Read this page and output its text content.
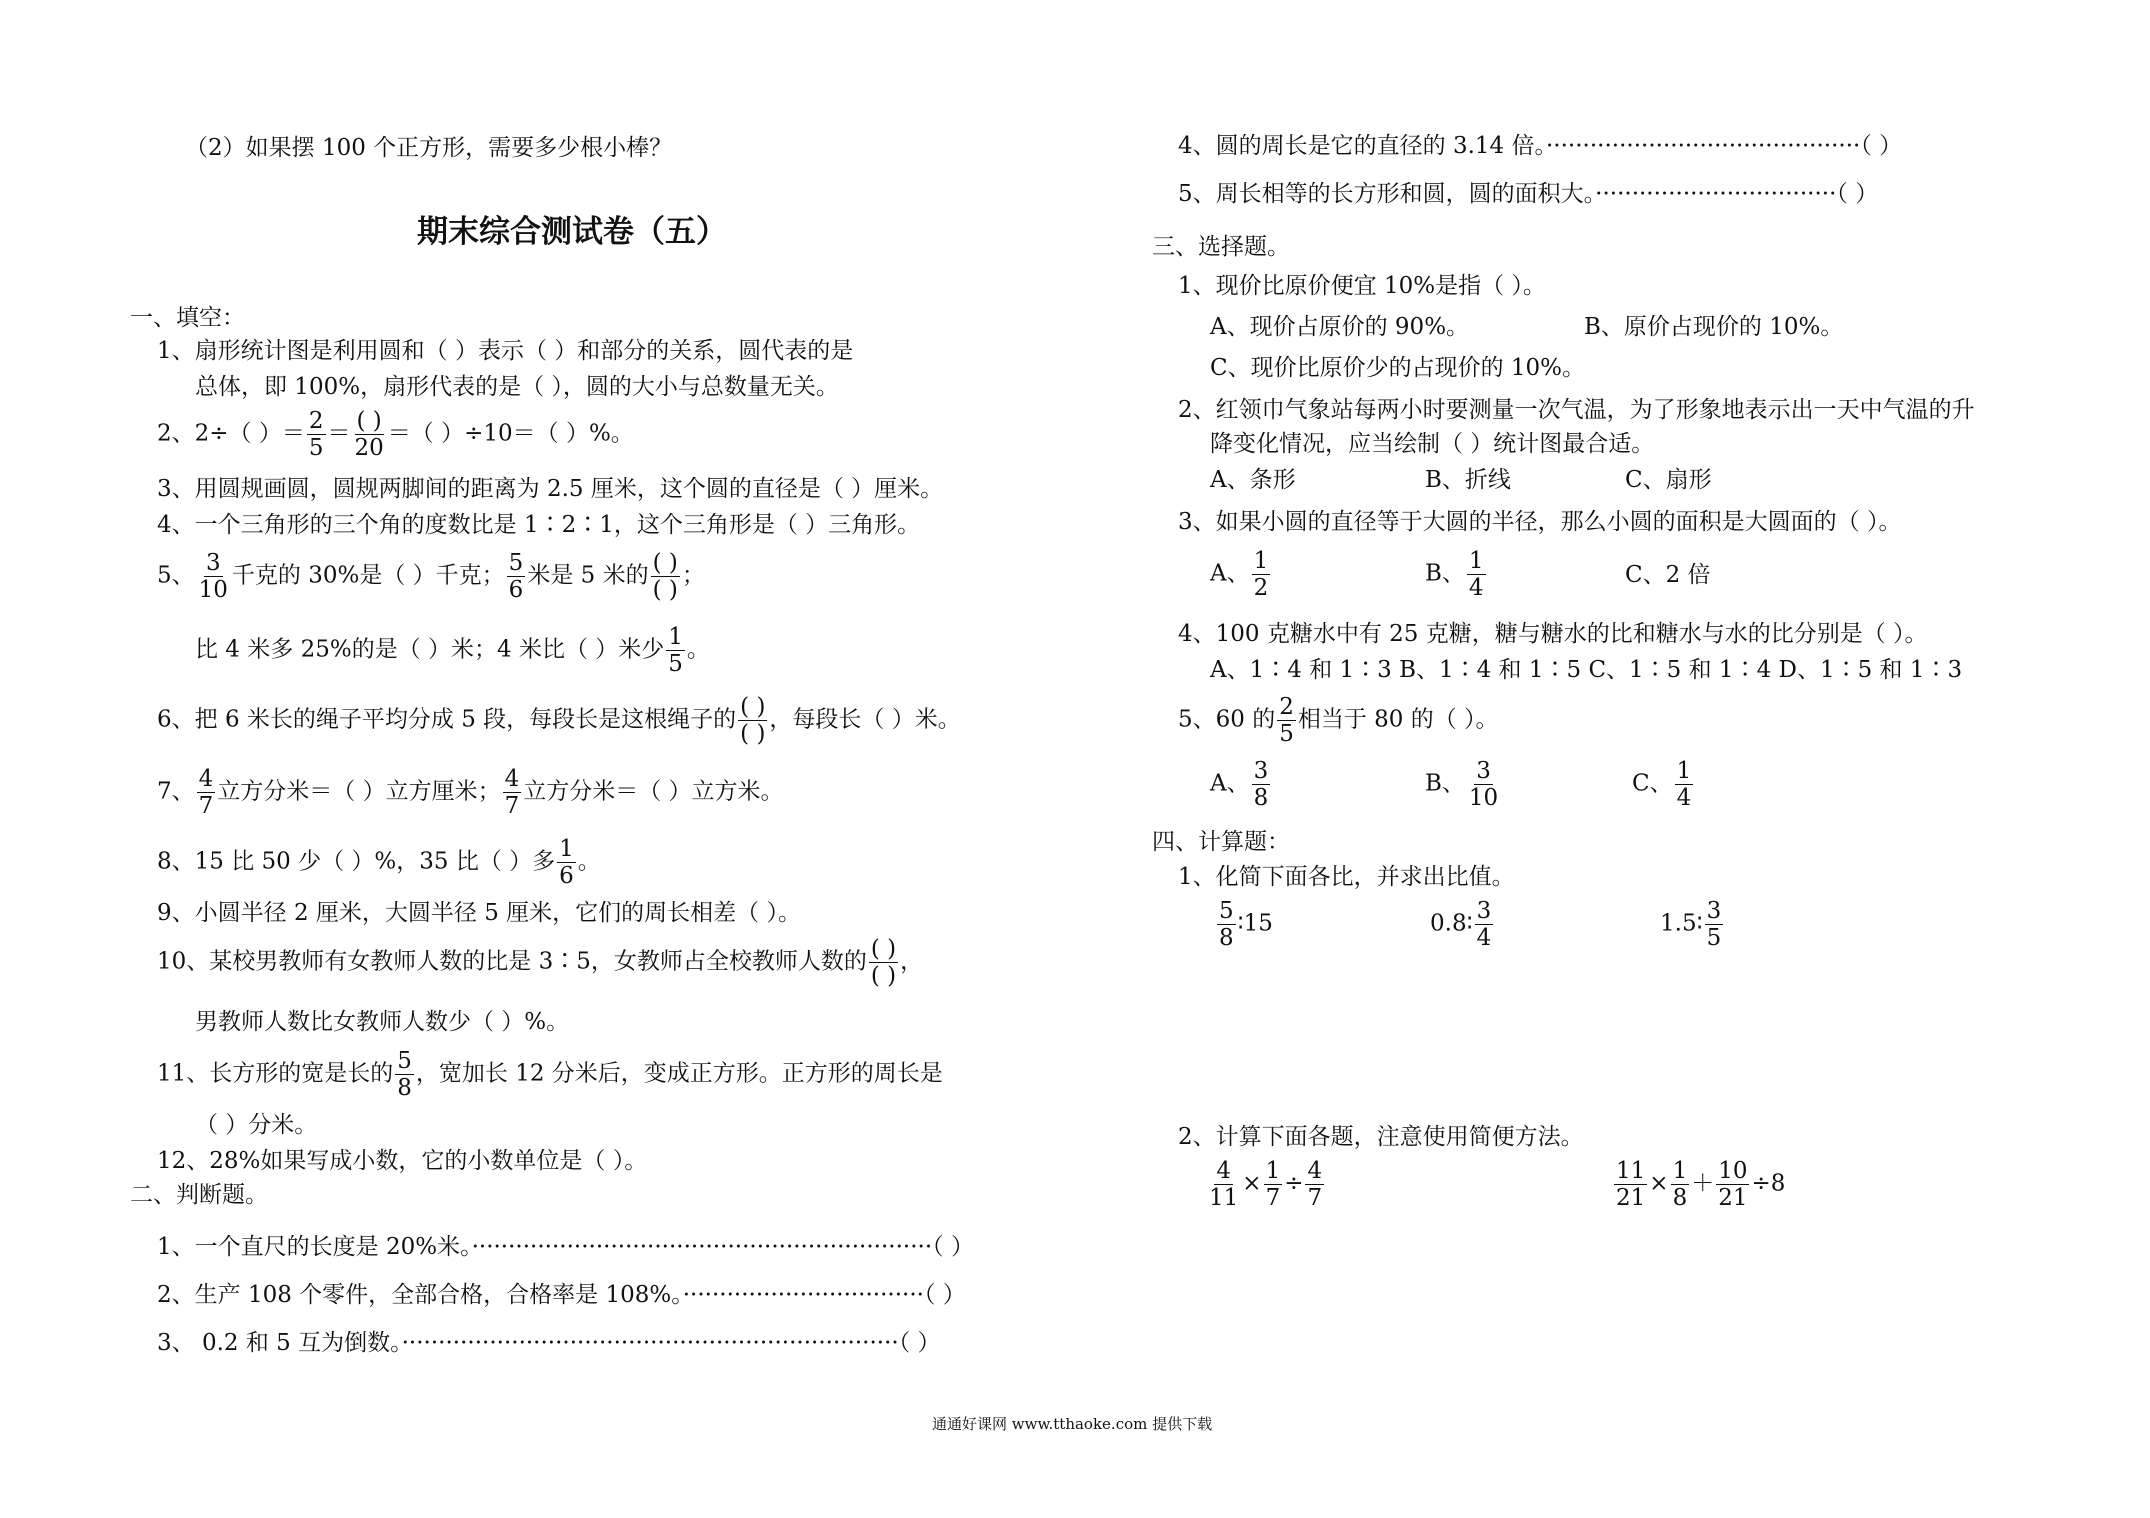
（2）如果摆 100 个正方形，需要多少根小棒？
期末综合测试卷（五）
一、填空：
1、扇形统计图是利用圆和（ ）表示（ ）和部分的关系，圆代表的是
总体，即 100%，扇形代表的是（ ），圆的大小与总数量无关。
2、2÷（ ）＝ $\frac{2}{5} = \frac{( )}{20}$ ＝（ ）÷10＝（ ）%。
3、用圆规画圆，圆规两脚间的距离为 2.5 厘米，这个圆的直径是（ ）厘米。
4、一个三角形的三个角的度数比是 1∶2∶1，这个三角形是（ ）三角形。
5、 $\frac{3}{10}$ 千克的 30%是（ ）千克； $\frac{5}{6}$ 米是 5 米的 $\frac{( )}{( )}$ ；
比 4 米多 25%的是（ ）米；4 米比（ ）米少 $\frac{1}{5}$ 。
6、把 6 米长的绳子平均分成 5 段，每段长是这根绳子的 $\frac{( )}{( )}$ ，每段长（ ）米。
7、 $\frac{4}{7}$ 立方分米＝（ ）立方厘米； $\frac{4}{7}$ 立方分米＝（ ）立方米。
8、15 比 50 少（ ）%，35 比（ ）多 $\frac{1}{6}$ 。
9、小圆半径 2 厘米，大圆半径 5 厘米，它们的周长相差（ ）。
10、某校男教师有女教师人数的比是 3∶5，女教师占全校教师人数的 $\frac{( )}{( )}$ ，
男教师人数比女教师人数少（ ）%。
11、长方形的宽是长的 $\frac{5}{8}$ ，宽加长 12 分米后，变成正方形。正方形的周长是
（ ）分米。
12、28%如果写成小数，它的小数单位是（ ）。
二、判断题。
1、一个直尺的长度是 20%米。·······························································（ ）
2、生产 108 个零件，全部合格，合格率是 108%。·································（ ）
3、 0.2 和 5 互为倒数。····································································（ ）
4、圆的周长是它的直径的 3.14 倍。···········································（ ）
5、周长相等的长方形和圆，圆的面积大。·································（ ）
三、选择题。
1、现价比原价便宜 10%是指（ ）。
A、现价占原价的 90%。	B、原价占现价的 10%。
C、现价比原价少的占现价的 10%。
2、红领巾气象站每两小时要测量一次气温，为了形象地表示出一天中气温的升
降变化情况，应当绘制（ ）统计图最合适。
A、条形	B、折线	C、扇形
3、如果小圆的直径等于大圆的半径，那么小圆的面积是大圆面的（ ）。
A、 $\frac{1}{2}$	B、 $\frac{1}{4}$	C、2 倍
4、100 克糖水中有 25 克糖，糖与糖水的比和糖水与水的比分别是（ ）。
A、1∶4 和 1∶3 B、1∶4 和 1∶5 C、1∶5 和 1∶4 D、1∶5 和 1∶3
5、60 的 $\frac{2}{5}$ 相当于 80 的（ ）。
A、 $\frac{3}{8}$	B、 $\frac{3}{10}$	C、 $\frac{1}{4}$
四、计算题：
1、化简下面各比，并求出比值。
$\frac{5}{8}$ ∶15	0.8∶ $\frac{3}{4}$	1.5∶ $\frac{3}{5}$
2、计算下面各题，注意使用简便方法。
$\frac{4}{11} \times \frac{1}{7} \div \frac{4}{7}$	$\frac{11}{21} \times \frac{1}{8} + \frac{10}{21} \div 8$
通通好课网 www.tthaoke.com 提供下载
